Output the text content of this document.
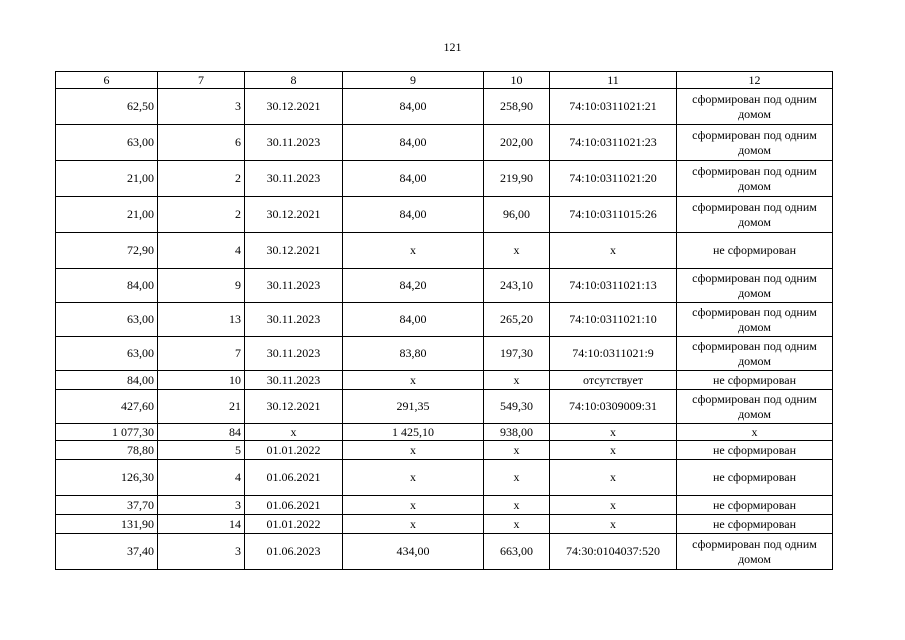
121
6	7	8	9	10	11	12
62,50	3	30.12.2021	84,00	258,90	74:10:0311021:21	сформирован под одним домом
63,00	6	30.11.2023	84,00	202,00	74:10:0311021:23	сформирован под одним домом
21,00	2	30.11.2023	84,00	219,90	74:10:0311021:20	сформирован под одним домом
21,00	2	30.12.2021	84,00	96,00	74:10:0311015:26	сформирован под одним домом
72,90	4	30.12.2021	x	x	x	не сформирован
84,00	9	30.11.2023	84,20	243,10	74:10:0311021:13	сформирован под одним домом
63,00	13	30.11.2023	84,00	265,20	74:10:0311021:10	сформирован под одним домом
63,00	7	30.11.2023	83,80	197,30	74:10:0311021:9	сформирован под одним домом
84,00	10	30.11.2023	x	x	отсутствует	не сформирован
427,60	21	30.12.2021	291,35	549,30	74:10:0309009:31	сформирован под одним домом
1 077,30	84	x	1 425,10	938,00	x	x
78,80	5	01.01.2022	x	x	x	не сформирован
126,30	4	01.06.2021	x	x	x	не сформирован
37,70	3	01.06.2021	x	x	x	не сформирован
131,90	14	01.01.2022	x	x	x	не сформирован
37,40	3	01.06.2023	434,00	663,00	74:30:0104037:520	сформирован под одним домом
